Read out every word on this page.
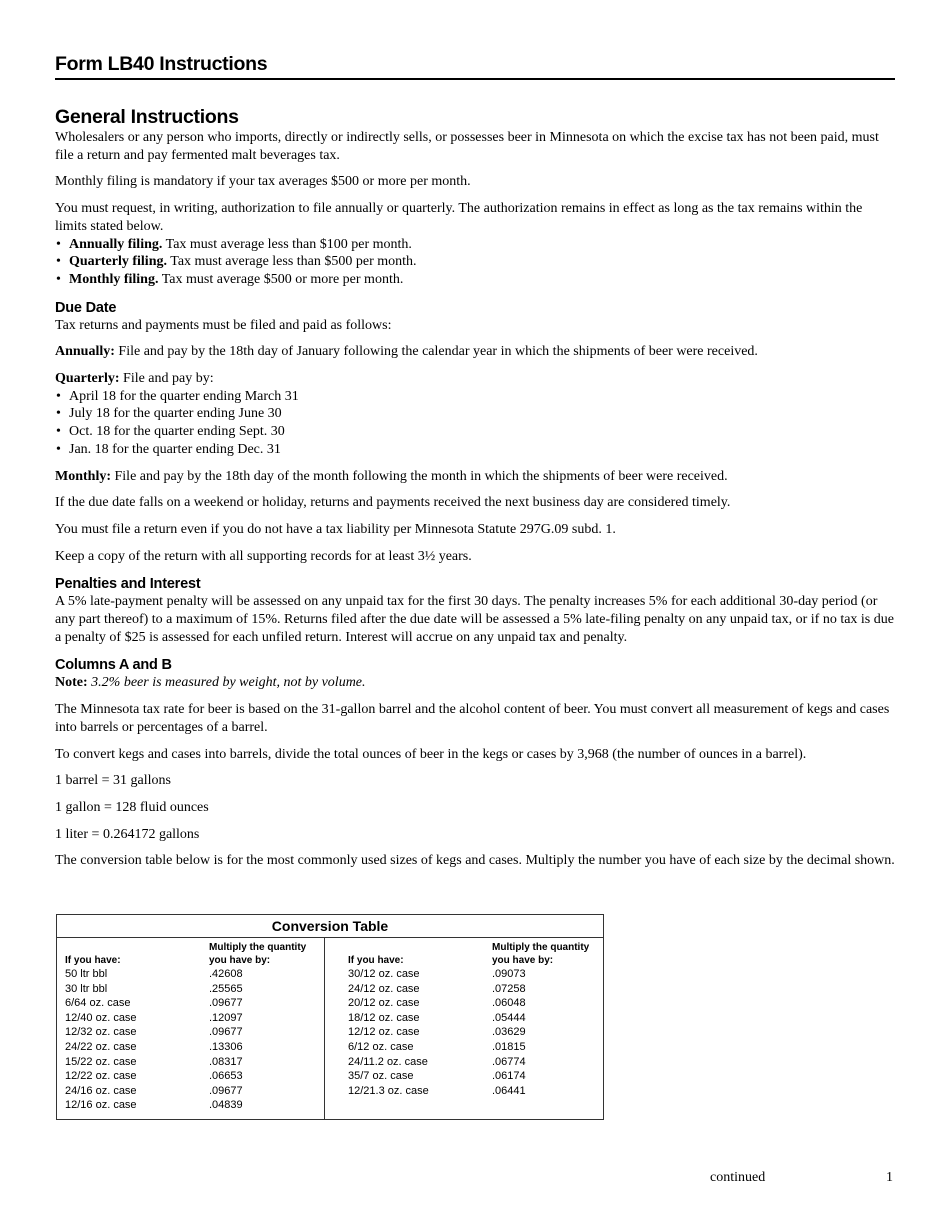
Form LB40 Instructions
General Instructions

Wholesalers or any person who imports, directly or indirectly sells, or possesses beer in Minnesota on which the excise tax has not been paid, must file a return and pay fermented malt beverages tax.

Monthly filing is mandatory if your tax averages $500 or more per month.

You must request, in writing, authorization to file annually or quarterly. The authorization remains in effect as long as the tax remains within the limits stated below.

• Annually filing. Tax must average less than $100 per month.
• Quarterly filing. Tax must average less than $500 per month.
• Monthly filing. Tax must average $500 or more per month.
Due Date

Tax returns and payments must be filed and paid as follows:

Annually: File and pay by the 18th day of January following the calendar year in which the shipments of beer were received.

Quarterly: File and pay by:

• April 18 for the quarter ending March 31
• July 18 for the quarter ending June 30
• Oct. 18 for the quarter ending Sept. 30
• Jan. 18 for the quarter ending Dec. 31

Monthly: File and pay by the 18th day of the month following the month in which the shipments of beer were received.

If the due date falls on a weekend or holiday, returns and payments received the next business day are considered timely.

You must file a return even if you do not have a tax liability per Minnesota Statute 297G.09 subd. 1.

Keep a copy of the return with all supporting records for at least 3½ years.

Penalties and Interest

A 5% late-payment penalty will be assessed on any unpaid tax for the first 30 days. The penalty increases 5% for each additional 30-day period (or any part thereof) to a maximum of 15%. Returns filed after the due date will be assessed a 5% late-filing penalty on any unpaid tax, or if no tax is due a penalty of $25 is assessed for each unfiled return. Interest will accrue on any unpaid tax and penalty.

Columns A and B

Note: 3.2% beer is measured by weight, not by volume.

The Minnesota tax rate for beer is based on the 31-gallon barrel and the alcohol content of beer. You must convert all measurement of kegs and cases into barrels or percentages of a barrel.

To convert kegs and cases into barrels, divide the total ounces of beer in the kegs or cases by 3,968 (the number of ounces in a barrel).

1 barrel = 31 gallons

1 gallon = 128 fluid ounces

1 liter = 0.264172 gallons

The conversion table below is for the most commonly used sizes of kegs and cases. Multiply the number you have of each size by the decimal shown.

Conversion Table
If you have:
Multiply the quantity you have by:
50 ltr bbl	.42608
30 ltr bbl	.25565
6/64 oz. case	.09677
12/40 oz. case	.12097
12/32 oz. case	.09677
24/22 oz. case	.13306
15/22 oz. case	.08317
12/22 oz. case	.06653
24/16 oz. case	.09677
12/16 oz. case	.04839
If you have:
Multiply the quantity you have by:
30/12 oz. case	.09073
24/12 oz. case	.07258
20/12 oz. case	.06048
18/12 oz. case	.05444
12/12 oz. case	.03629
6/12 oz. case	.01815
24/11.2 oz. case	.06774
35/7 oz. case	.06174
12/21.3 oz. case	.06441
continued	1
